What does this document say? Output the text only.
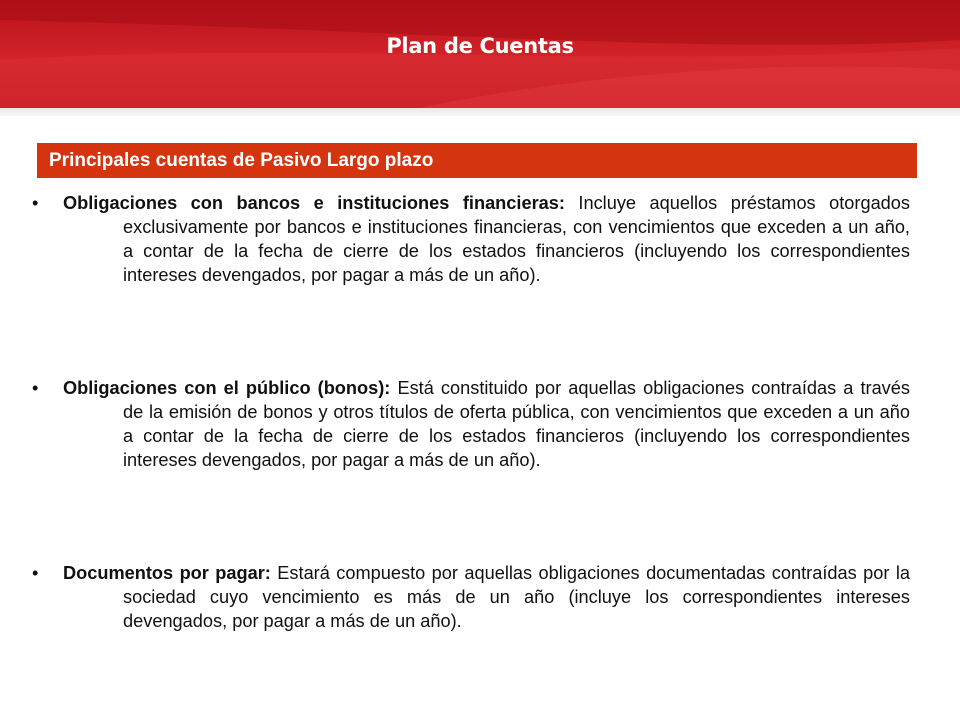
Plan de Cuentas
Principales cuentas de Pasivo Largo plazo
•	Obligaciones con bancos e instituciones financieras: Incluye aquellos préstamos otorgados exclusivamente por bancos e instituciones financieras, con vencimientos que exceden a un año, a contar de la fecha de cierre de los estados financieros (incluyendo los correspondientes intereses devengados, por pagar a más de un año).
•	Obligaciones con el público (bonos): Está constituido por aquellas obligaciones contraídas a través de la emisión de bonos y otros títulos de oferta pública, con vencimientos que exceden a un año a contar de la fecha de cierre de los estados financieros (incluyendo los correspondientes intereses devengados, por pagar a más de un año).
•	Documentos por pagar: Estará compuesto por aquellas obligaciones documentadas contraídas por la sociedad cuyo vencimiento es más de un año (incluye los correspondientes intereses devengados, por pagar a más de un año).
